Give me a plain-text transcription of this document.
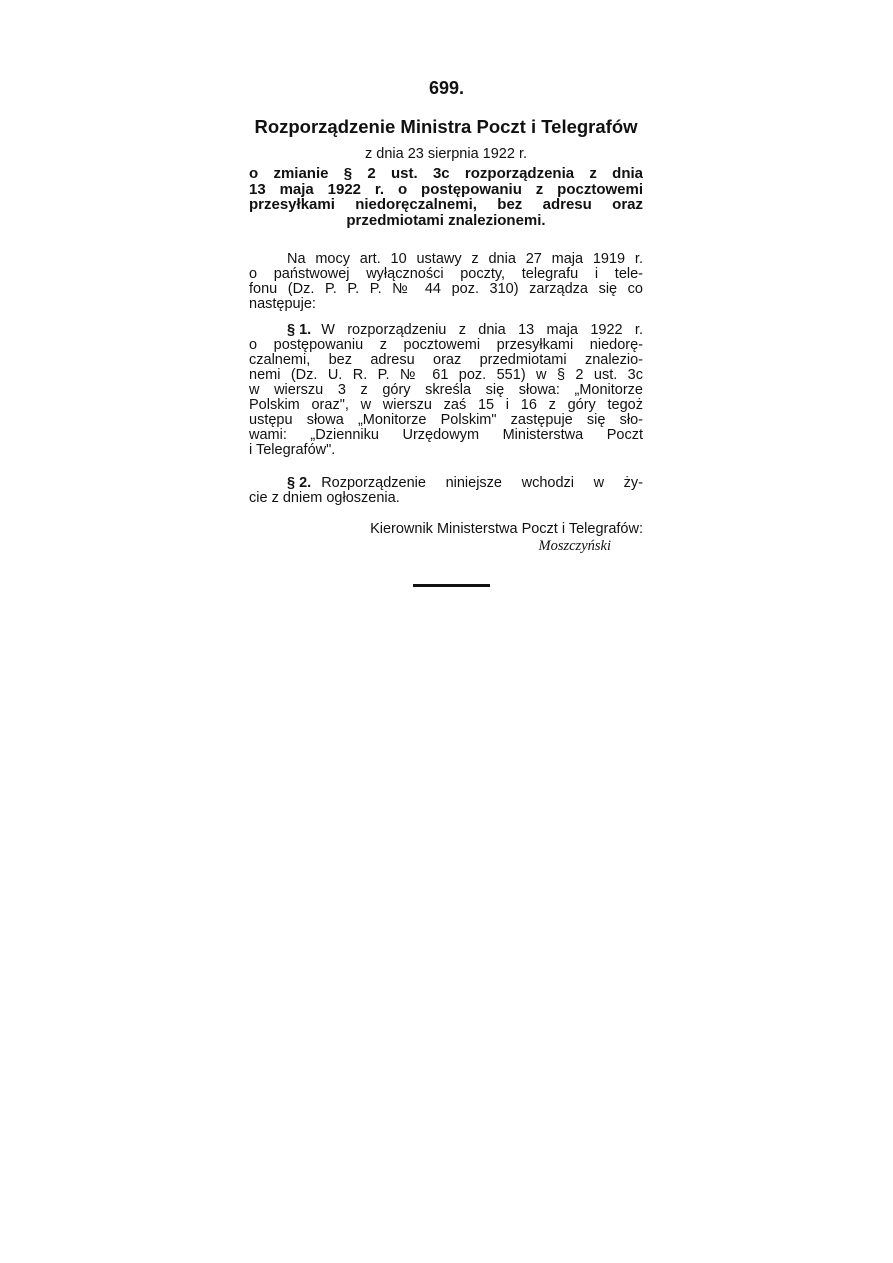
699.
Rozporządzenie Ministra Poczt i Telegrafów
z dnia 23 sierpnia 1922 r.
o zmianie § 2 ust. 3c rozporządzenia z dnia
13 maja 1922 r. o postępowaniu z pocztowemi
przesyłkami niedoręczalnemi, bez adresu oraz
przedmiotami znalezionemi.
Na mocy art. 10 ustawy z dnia 27 maja 1919 r.
o państwowej wyłączności poczty, telegrafu i tele-
fonu (Dz. P. P. P. № 44 poz. 310) zarządza się co
następuje:
§ 1. W rozporządzeniu z dnia 13 maja 1922 r.
o postępowaniu z pocztowemi przesyłkami niedorę-
czalnemi, bez adresu oraz przedmiotami znalezio-
nemi (Dz. U. R. P. № 61 poz. 551) w § 2 ust. 3c
w wierszu 3 z góry skreśla się słowa: „Monitorze
Polskim oraz", w wierszu zaś 15 i 16 z góry tegoż
ustępu słowa „Monitorze Polskim" zastępuje się sło-
wami: „Dzienniku Urzędowym Ministerstwa Poczt
i Telegrafów".
§ 2. Rozporządzenie niniejsze wchodzi w ży-
cie z dniem ogłoszenia.
Kierownik Ministerstwa Poczt i Telegrafów:
Moszczyński
